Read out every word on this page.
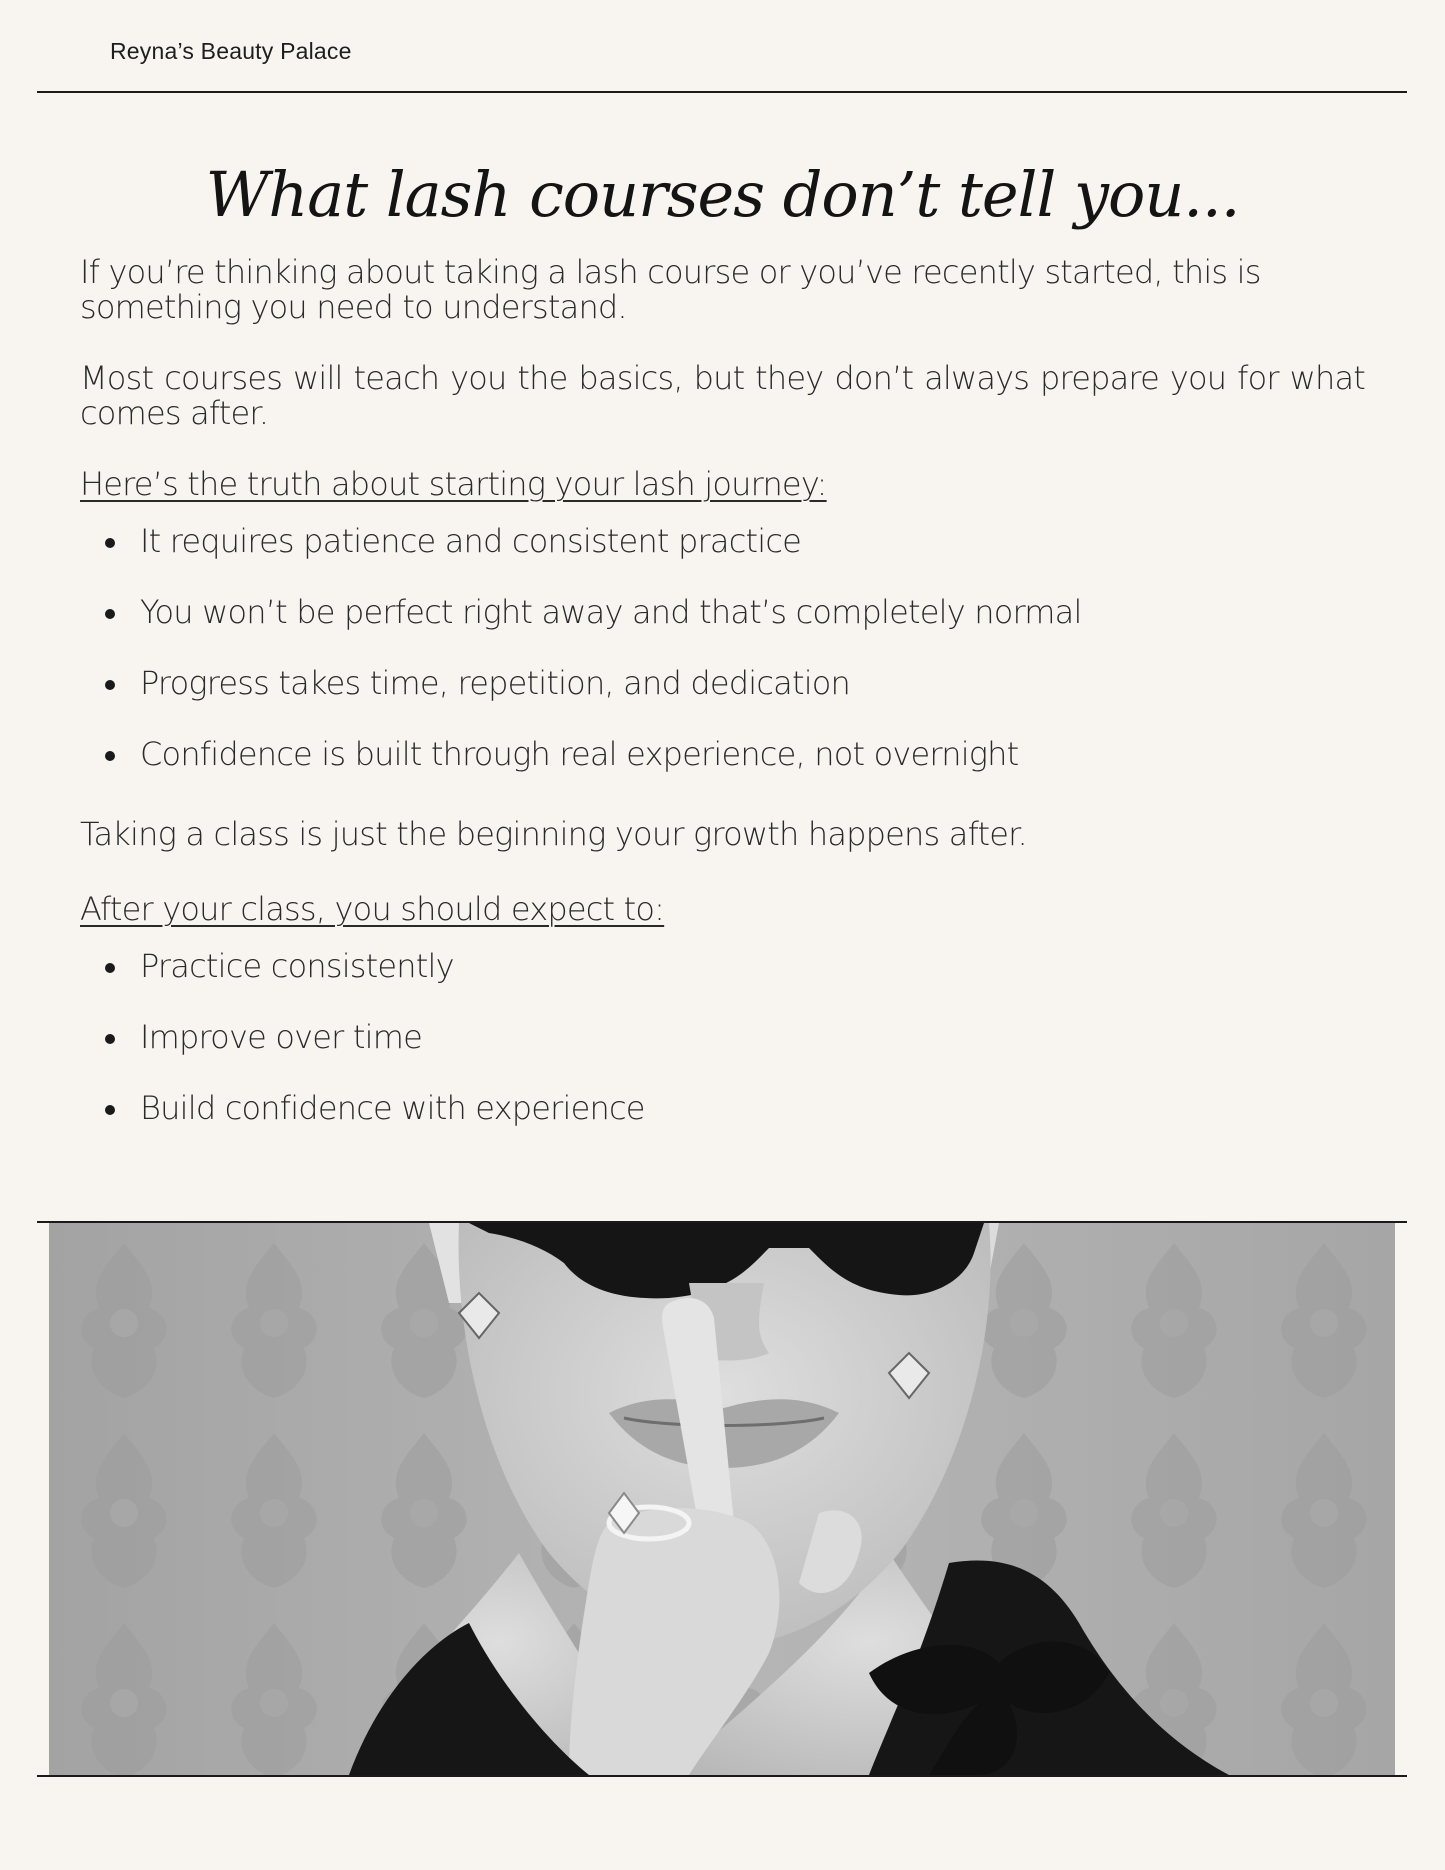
Reyna’s Beauty Palace
What lash courses don’t tell you...

If you’re thinking about taking a lash course or you’ve recently started, this is something you need to understand.

Most courses will teach you the basics, but they don’t always prepare you for what comes after.

Here’s the truth about starting your lash journey:
It requires patience and consistent practice
You won’t be perfect right away and that’s completely normal
Progress takes time, repetition, and dedication
Confidence is built through real experience, not overnight

Taking a class is just the beginning your growth happens after.

After your class, you should expect to:
Practice consistently
Improve over time
Build confidence with experience
